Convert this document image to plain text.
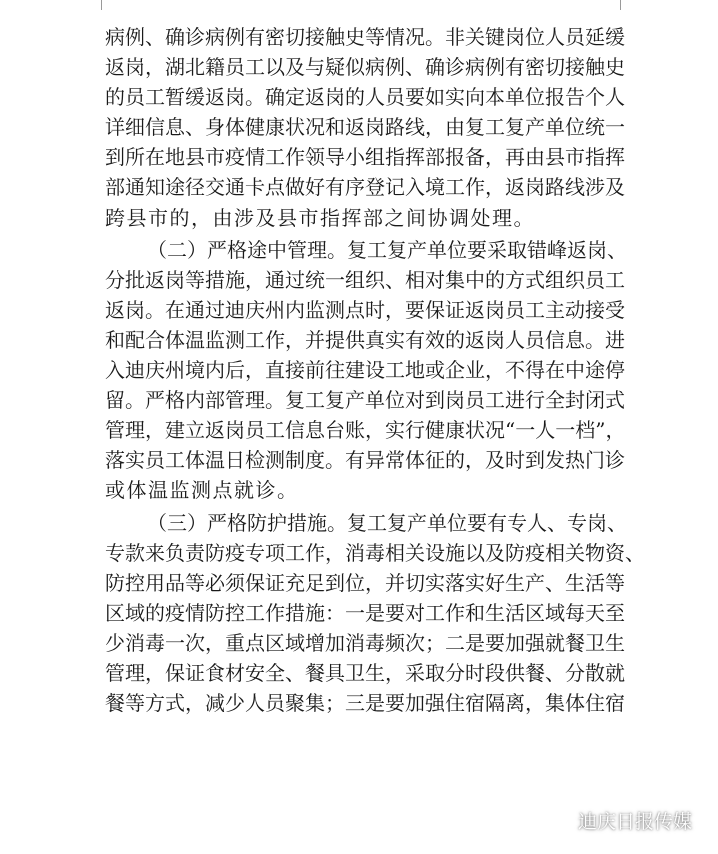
病例、确诊病例有密切接触史等情况。非关键岗位人员延缓
返岗，湖北籍员工以及与疑似病例、确诊病例有密切接触史
的员工暂缓返岗。确定返岗的人员要如实向本单位报告个人
详细信息、身体健康状况和返岗路线，由复工复产单位统一
到所在地县市疫情工作领导小组指挥部报备，再由县市指挥
部通知途径交通卡点做好有序登记入境工作，返岗路线涉及
跨县市的，由涉及县市指挥部之间协调处理。
（二）严格途中管理。复工复产单位要采取错峰返岗、
分批返岗等措施，通过统一组织、相对集中的方式组织员工
返岗。在通过迪庆州内监测点时，要保证返岗员工主动接受
和配合体温监测工作，并提供真实有效的返岗人员信息。进
入迪庆州境内后，直接前往建设工地或企业，不得在中途停
留。严格内部管理。复工复产单位对到岗员工进行全封闭式
管理，建立返岗员工信息台账，实行健康状况“一人一档”，
落实员工体温日检测制度。有异常体征的，及时到发热门诊
或体温监测点就诊。
（三）严格防护措施。复工复产单位要有专人、专岗、
专款来负责防疫专项工作，消毒相关设施以及防疫相关物资、
防控用品等必须保证充足到位，并切实落实好生产、生活等
区域的疫情防控工作措施：一是要对工作和生活区域每天至
少消毒一次，重点区域增加消毒频次；二是要加强就餐卫生
管理，保证食材安全、餐具卫生，采取分时段供餐、分散就
餐等方式，减少人员聚集；三是要加强住宿隔离，集体住宿
迪庆日报传媒
